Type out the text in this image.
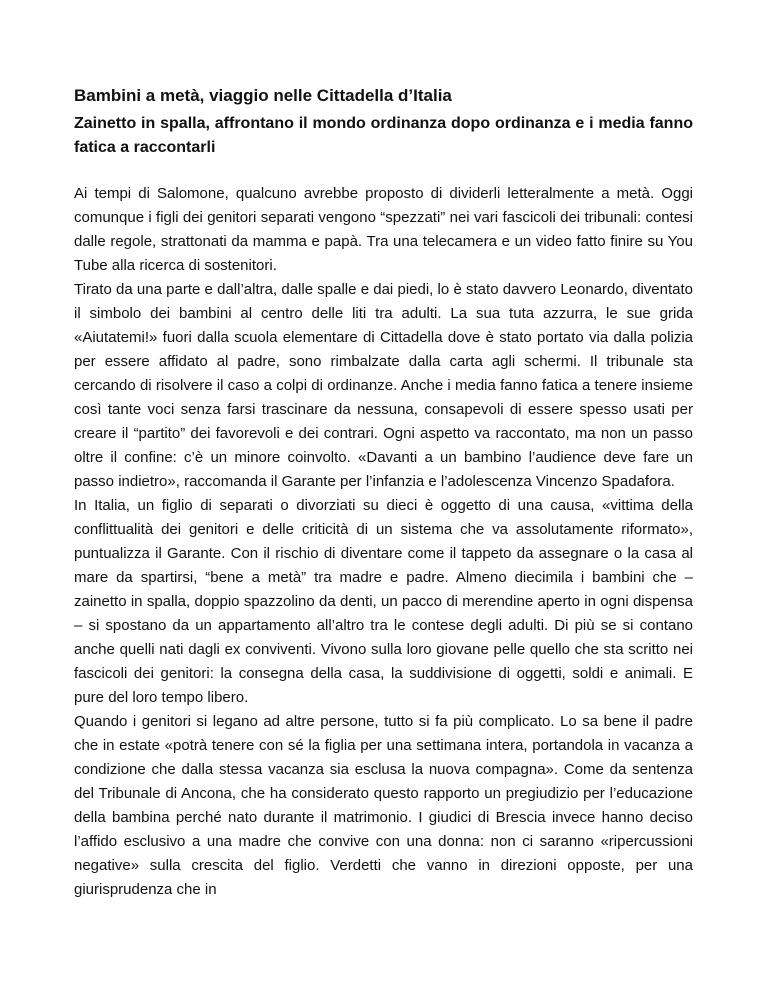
Bambini a metà, viaggio nelle Cittadella d’Italia
Zainetto in spalla, affrontano il mondo ordinanza dopo ordinanza e i media fanno fatica a raccontarli

Ai tempi di Salomone, qualcuno avrebbe proposto di dividerli letteralmente a metà. Oggi comunque i figli dei genitori separati vengono “spezzati” nei vari fascicoli dei tribunali: contesi dalle regole, strattonati da mamma e papà. Tra una telecamera e un video fatto finire su You Tube alla ricerca di sostenitori.

Tirato da una parte e dall’altra, dalle spalle e dai piedi, lo è stato davvero Leonardo, diventato il simbolo dei bambini al centro delle liti tra adulti. La sua tuta azzurra, le sue grida «Aiutatemi!» fuori dalla scuola elementare di Cittadella dove è stato portato via dalla polizia per essere affidato al padre, sono rimbalzate dalla carta agli schermi. Il tribunale sta cercando di risolvere il caso a colpi di ordinanze. Anche i media fanno fatica a tenere insieme così tante voci senza farsi trascinare da nessuna, consapevoli di essere spesso usati per creare il “partito” dei favorevoli e dei contrari. Ogni aspetto va raccontato, ma non un passo oltre il confine: c’è un minore coinvolto. «Davanti a un bambino l’audience deve fare un passo indietro», raccomanda il Garante per l’infanzia e l’adolescenza Vincenzo Spadafora.

In Italia, un figlio di separati o divorziati su dieci è oggetto di una causa, «vittima della conflittualità dei genitori e delle criticità di un sistema che va assolutamente riformato», puntualizza il Garante. Con il rischio di diventare come il tappeto da assegnare o la casa al mare da spartirsi, “bene a metà” tra madre e padre. Almeno diecimila i bambini che – zainetto in spalla, doppio spazzolino da denti, un pacco di merendine aperto in ogni dispensa – si spostano da un appartamento all’altro tra le contese degli adulti. Di più se si contano anche quelli nati dagli ex conviventi. Vivono sulla loro giovane pelle quello che sta scritto nei fascicoli dei genitori: la consegna della casa, la suddivisione di oggetti, soldi e animali. E pure del loro tempo libero.

Quando i genitori si legano ad altre persone, tutto si fa più complicato. Lo sa bene il padre che in estate «potrà tenere con sé la figlia per una settimana intera, portandola in vacanza a condizione che dalla stessa vacanza sia esclusa la nuova compagna». Come da sentenza del Tribunale di Ancona, che ha considerato questo rapporto un pregiudizio per l’educazione della bambina perché nato durante il matrimonio. I giudici di Brescia invece hanno deciso l’affido esclusivo a una madre che convive con una donna: non ci saranno «ripercussioni negative» sulla crescita del figlio. Verdetti che vanno in direzioni opposte, per una giurisprudenza che in
